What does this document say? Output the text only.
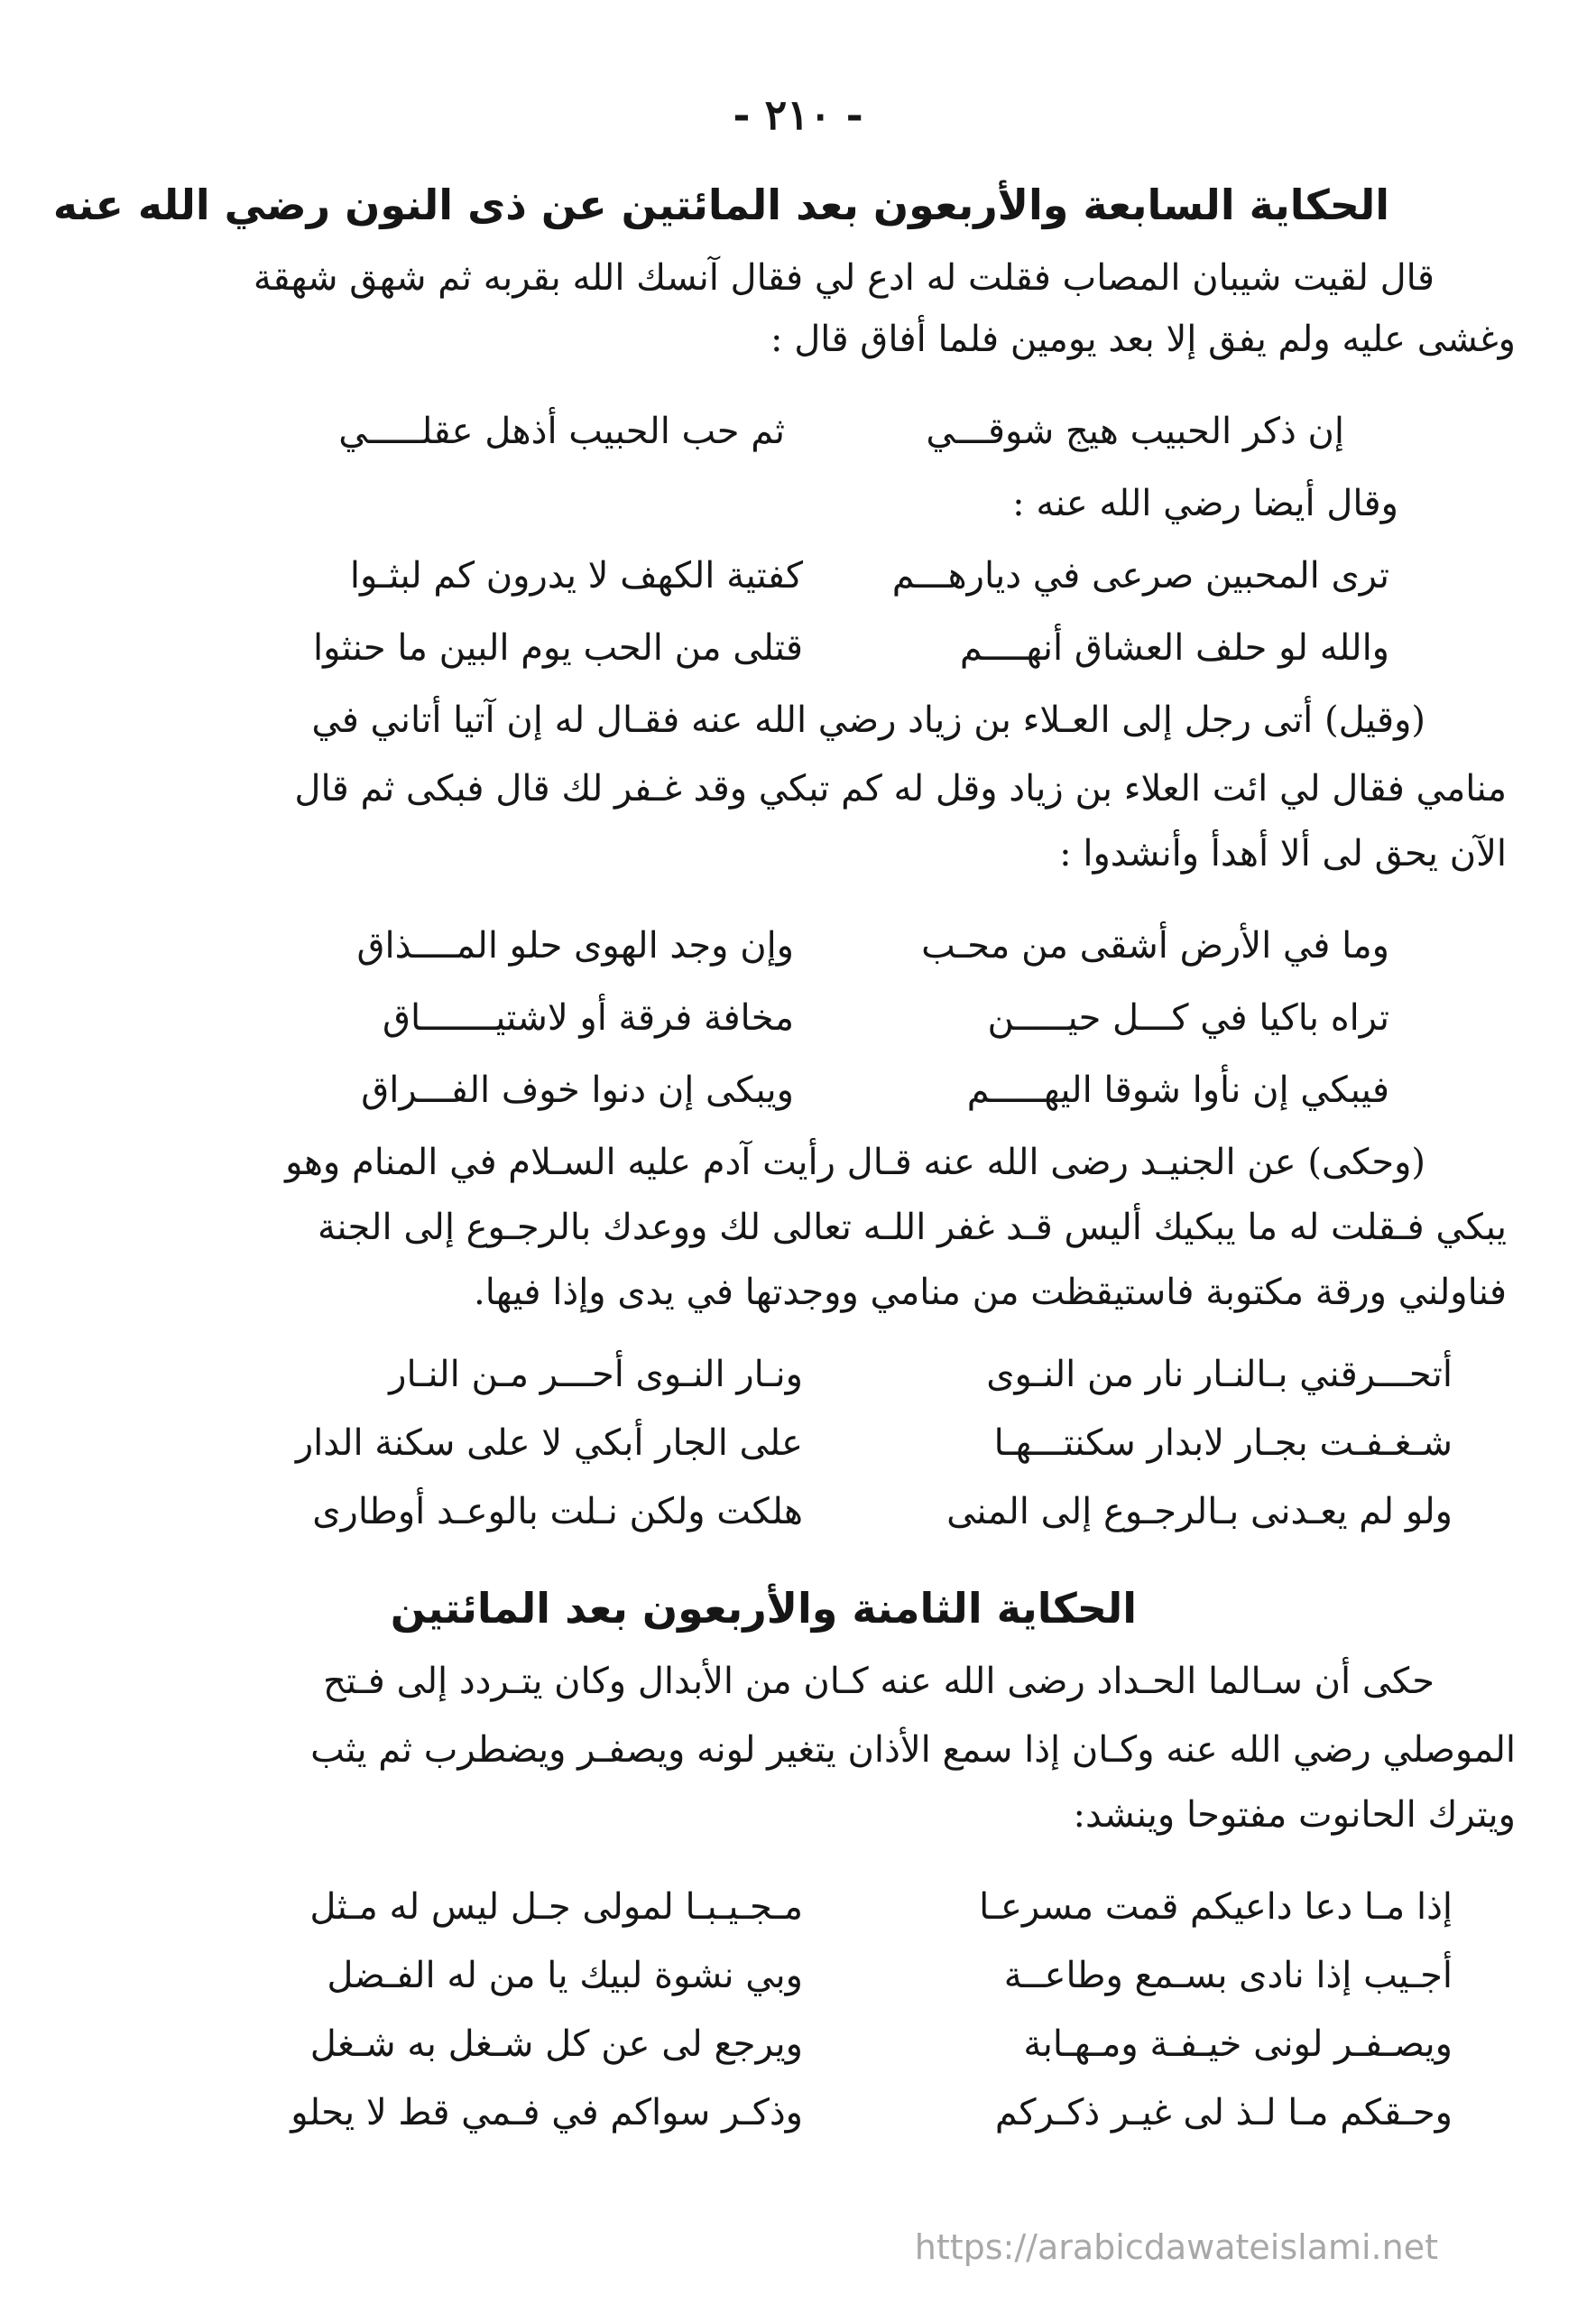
- ٢١٠ -
الحكاية السابعة والأربعون بعد المائتين عن ذى النون رضي الله عنه
قال لقيت شيبان المصاب فقلت له ادع لي فقال آنسك الله بقربه ثم شهق شهقة
وغشى عليه ولم يفق إلا بعد يومين فلما أفاق قال :
إن ذكر الحبيب هيج شوقـــي
ثم حب الحبيب أذهل عقلـــــي
وقال أيضا رضي الله عنه :
ترى المحبين صرعى في ديارهـــم
كفتية الكهف لا يدرون كم لبثـوا
والله لو حلف العشاق أنهــــم
قتلى من الحب يوم البين ما حنثوا
(وقيل) أتى رجل إلى العـلاء بن زياد رضي الله عنه فقـال له إن آتيا أتاني في
منامي فقال لي ائت العلاء بن زياد وقل له كم تبكي وقد غـفر لك قال فبكى ثم قال
الآن يحق لى ألا أهدأ وأنشدوا :
وما في الأرض أشقى من محـب
وإن وجد الهوى حلو المــــذاق
تراه باكيا في كـــل حيـــــن
مخافة فرقة أو لاشتيـــــــاق
فيبكي إن نأوا شوقا اليهـــــم
ويبكى إن دنوا خوف الفـــراق
(وحكى) عن الجنيـد رضى الله عنه قـال رأيت آدم عليه السـلام في المنام وهو
يبكي فـقلت له ما يبكيك أليس قـد غفر اللـه تعالى لك ووعدك بالرجـوع إلى الجنة
فناولني ورقة مكتوبة فاستيقظت من منامي ووجدتها في يدى وإذا فيها.
أتحـــرقني بـالنـار نار من النـوى
ونـار النـوى أحـــر مـن النـار
شـغـفـت بجـار لابدار سكنتـــهـا
على الجار أبكي لا على سكنة الدار
ولو لم يعـدنى بـالرجـوع إلى المنى
هلكت ولكن نـلت بالوعـد أوطارى
الحكاية الثامنة والأربعون بعد المائتين
حكى أن سـالما الحـداد رضى الله عنه كـان من الأبدال وكان يتـردد إلى فـتح
الموصلي رضي الله عنه وكـان إذا سمع الأذان يتغير لونه ويصفـر ويضطرب ثم يثب
ويترك الحانوت مفتوحا وينشد:
إذا مـا دعا داعيكم قمت مسرعـا
مـجـيـبـا لمولى جـل ليس له مـثل
أجـيب إذا نادى بسـمع وطاعــة
وبي نشوة لبيك يا من له الفـضل
ويصـفـر لونى خيـفـة ومـهـابة
ويرجع لى عن كل شـغل به شـغل
وحـقكم مـا لـذ لى غيـر ذكـركم
وذكـر سواكم في فـمي قط لا يحلو
https://arabicdawateislami.net
